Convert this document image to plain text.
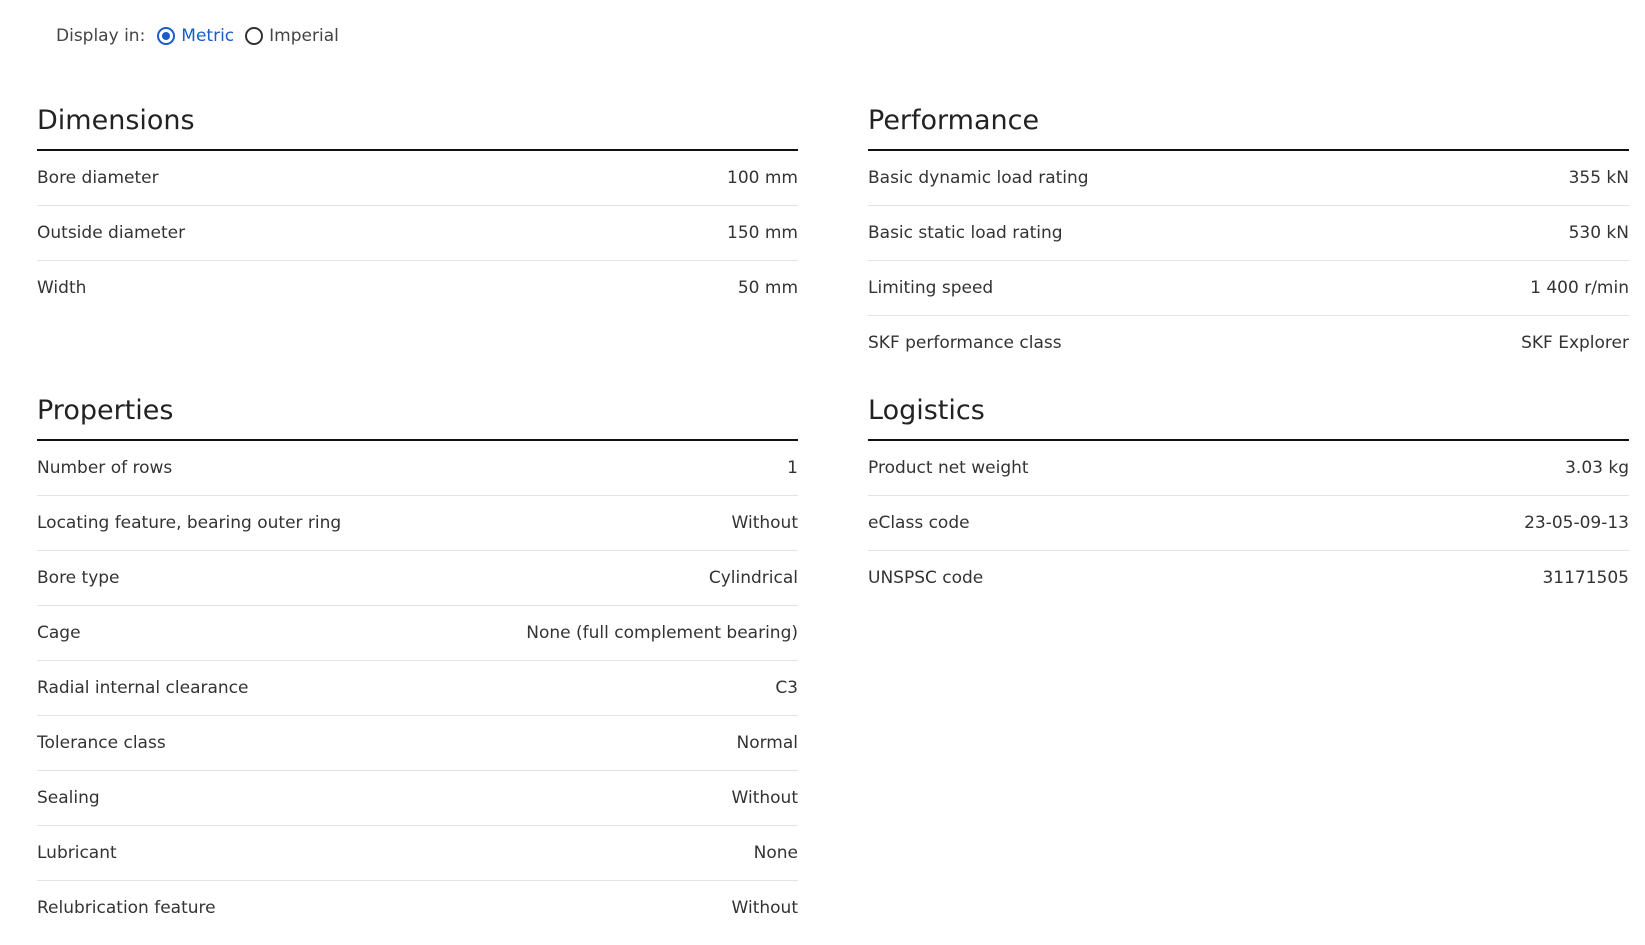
Display in: Metric Imperial
Dimensions
Bore diameter	100 mm
Outside diameter	150 mm
Width	50 mm
Performance
Basic dynamic load rating	355 kN
Basic static load rating	530 kN
Limiting speed	1 400 r/min
SKF performance class	SKF Explorer
Properties
Number of rows	1
Locating feature, bearing outer ring	Without
Bore type	Cylindrical
Cage	None (full complement bearing)
Radial internal clearance	C3
Tolerance class	Normal
Sealing	Without
Lubricant	None
Relubrication feature	Without
Logistics
Product net weight	3.03 kg
eClass code	23-05-09-13
UNSPSC code	31171505
